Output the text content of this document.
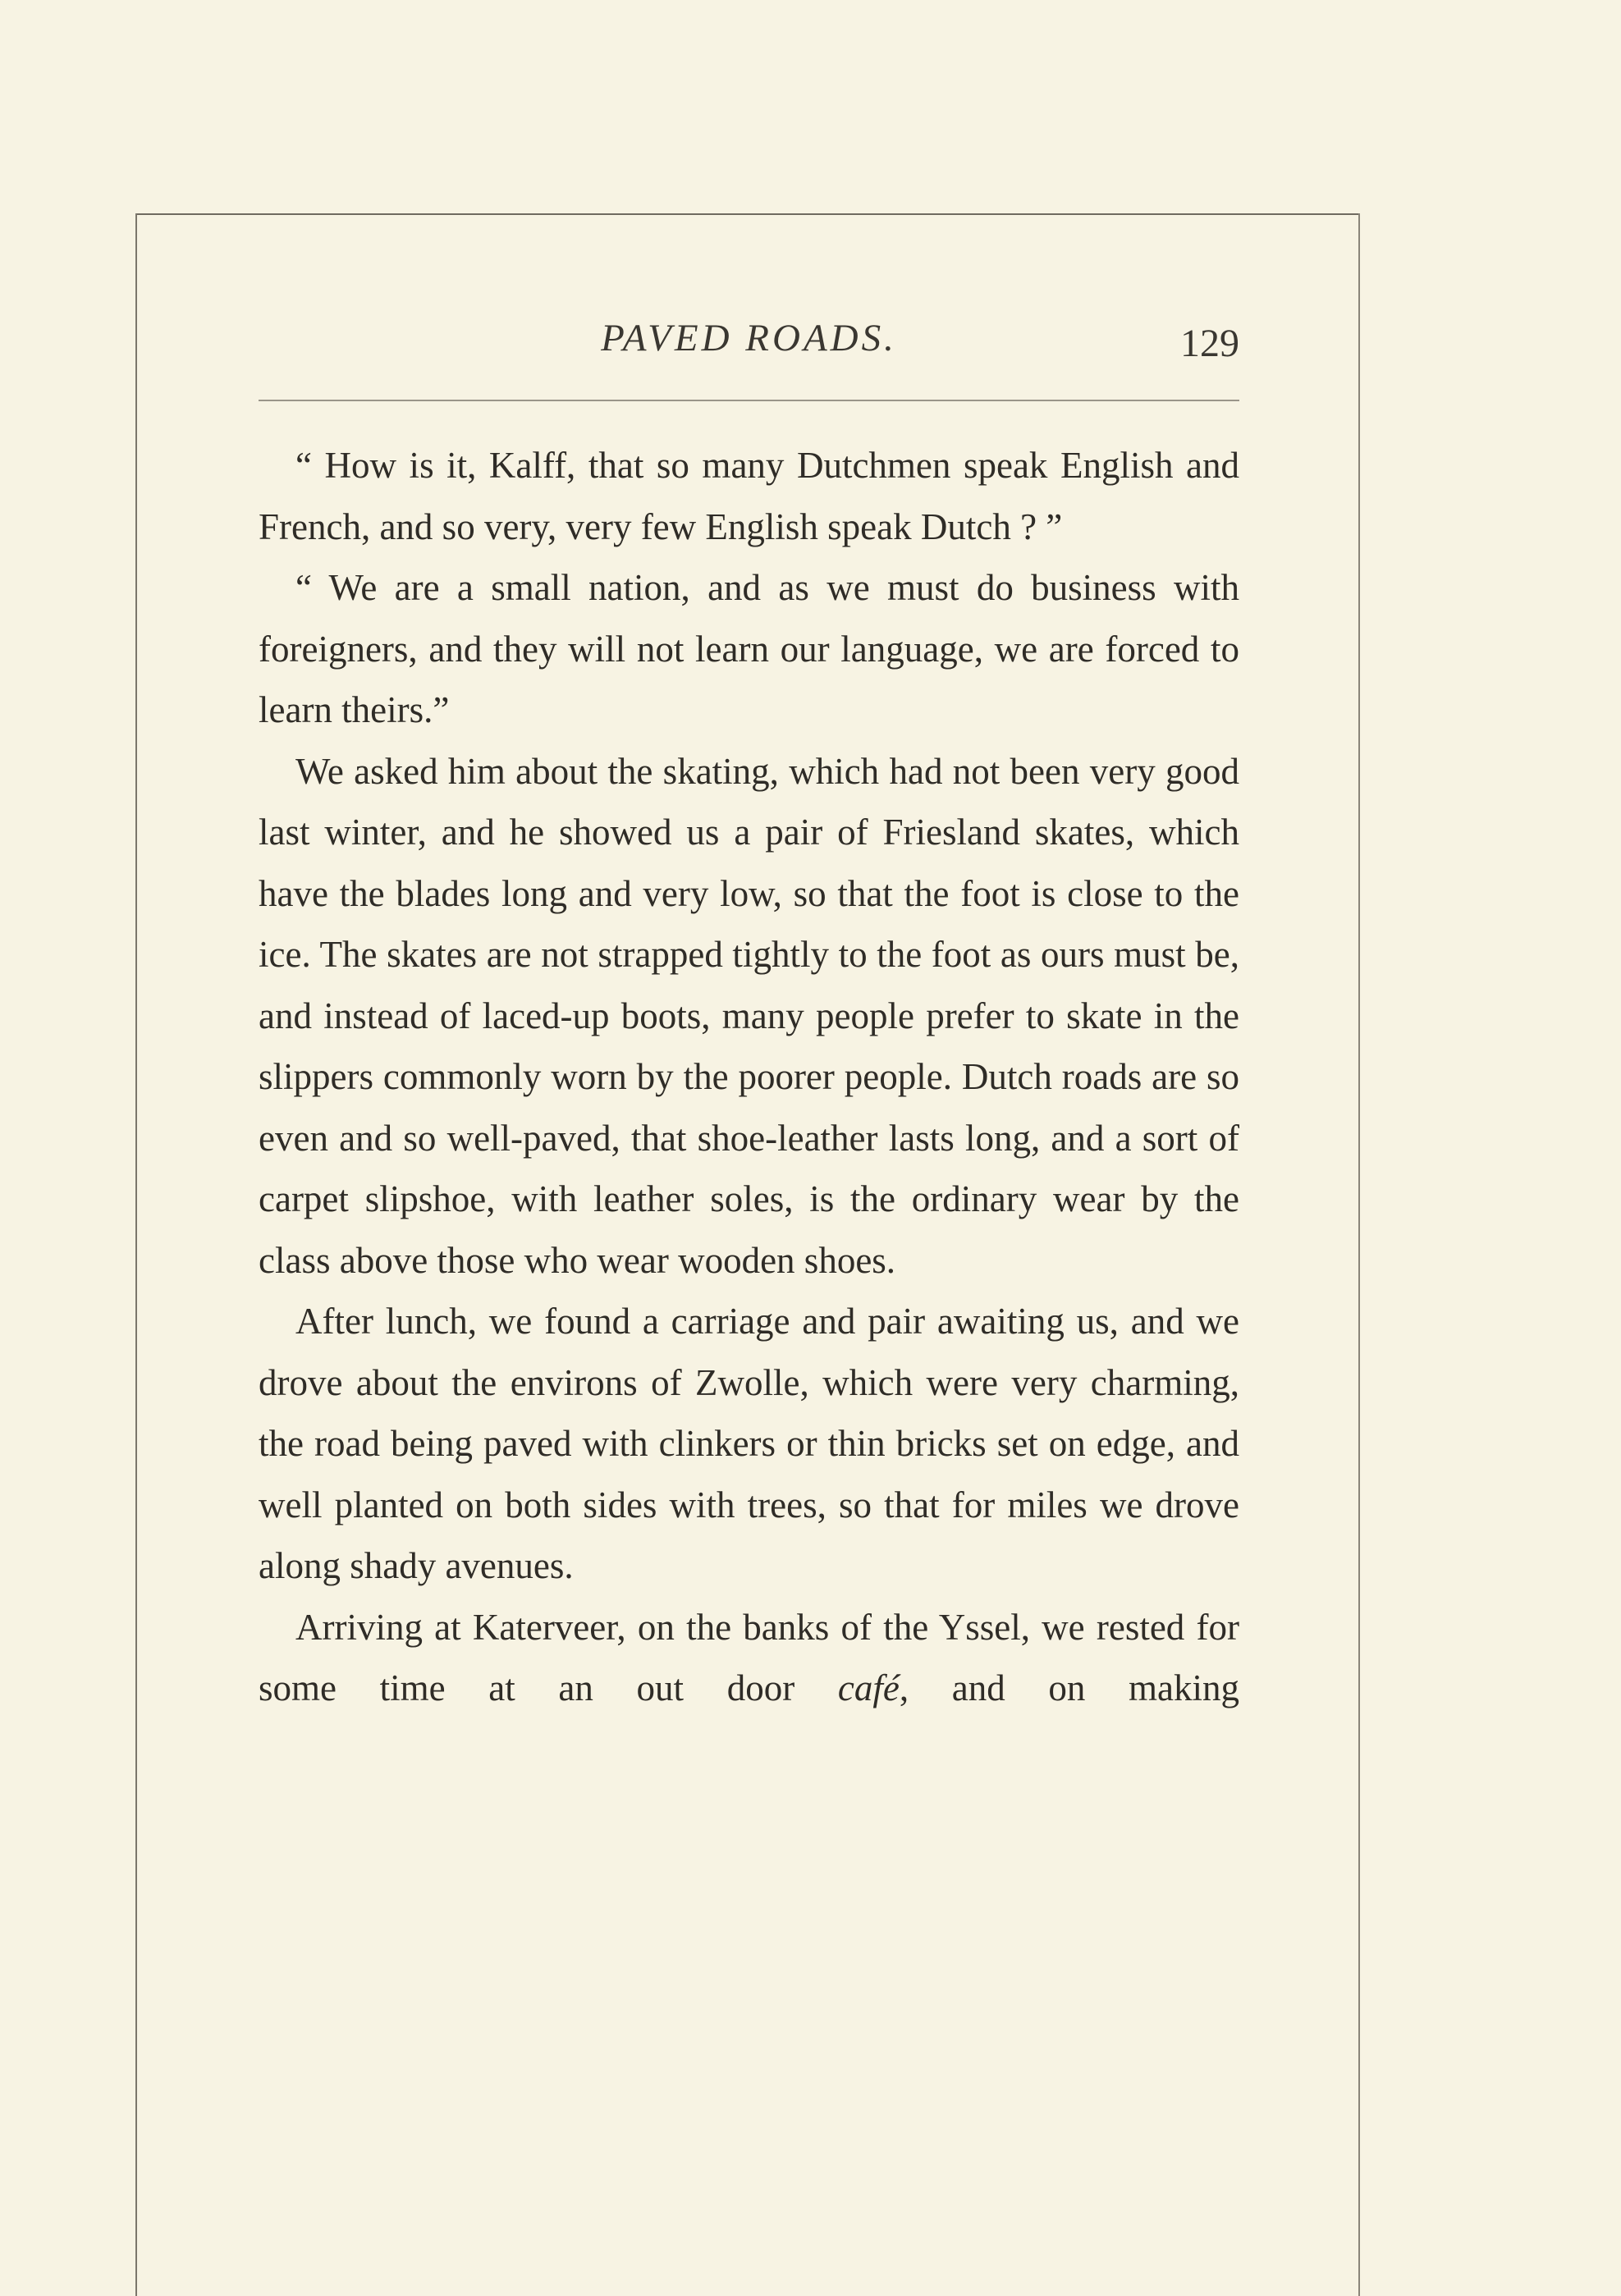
PAVED ROADS.	129

“ How is it, Kalff, that so many Dutchmen speak English and French, and so very, very few English speak Dutch ? ”

“ We are a small nation, and as we must do business with foreigners, and they will not learn our language, we are forced to learn theirs.”

We asked him about the skating, which had not been very good last winter, and he showed us a pair of Friesland skates, which have the blades long and very low, so that the foot is close to the ice. The skates are not strapped tightly to the foot as ours must be, and instead of laced-up boots, many people prefer to skate in the slippers commonly worn by the poorer people. Dutch roads are so even and so well-paved, that shoe-leather lasts long, and a sort of carpet slipshoe, with leather soles, is the ordinary wear by the class above those who wear wooden shoes.

After lunch, we found a carriage and pair awaiting us, and we drove about the environs of Zwolle, which were very charming, the road being paved with clinkers or thin bricks set on edge, and well planted on both sides with trees, so that for miles we drove along shady avenues.

Arriving at Katerveer, on the banks of the Yssel, we rested for some time at an out door café, and on making
